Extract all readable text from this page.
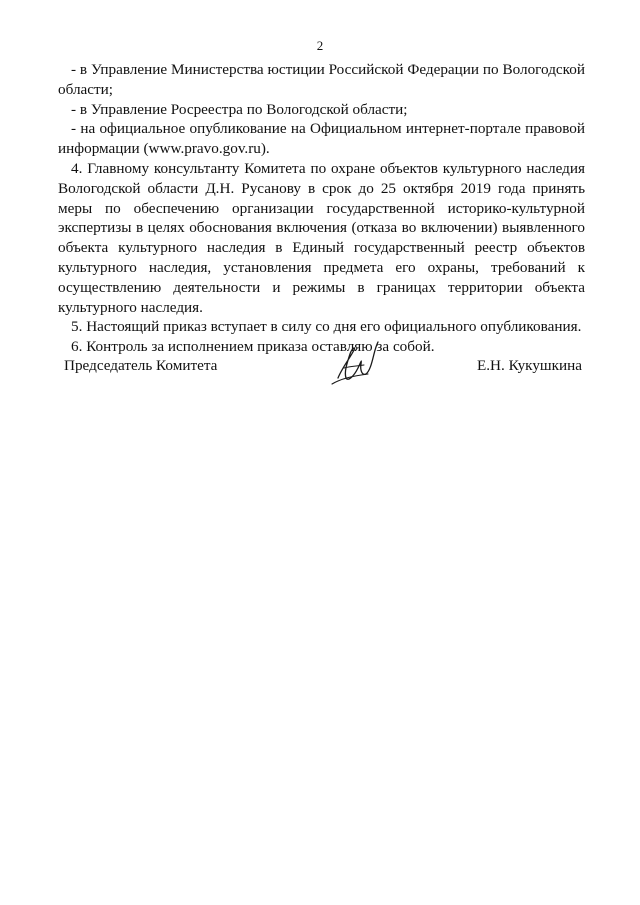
2

- в Управление Министерства юстиции Российской Федерации по Вологодской области;

- в Управление Росреестра по Вологодской области;

- на официальное опубликование на Официальном интернет-портале правовой информации (www.pravo.gov.ru).

4. Главному консультанту Комитета по охране объектов культурного наследия Вологодской области Д.Н. Русанову в срок до 25 октября 2019 года принять меры по обеспечению организации государственной историко-культурной экспертизы в целях обоснования включения (отказа во включении) выявленного объекта культурного наследия в Единый государственный реестр объектов культурного наследия, установления предмета его охраны, требований к осуществлению деятельности и режимы в границах территории объекта культурного наследия.

5. Настоящий приказ вступает в силу со дня его официального опубликования.

6. Контроль за исполнением приказа оставляю за собой.

Председатель Комитета	Е.Н. Кукушкина
